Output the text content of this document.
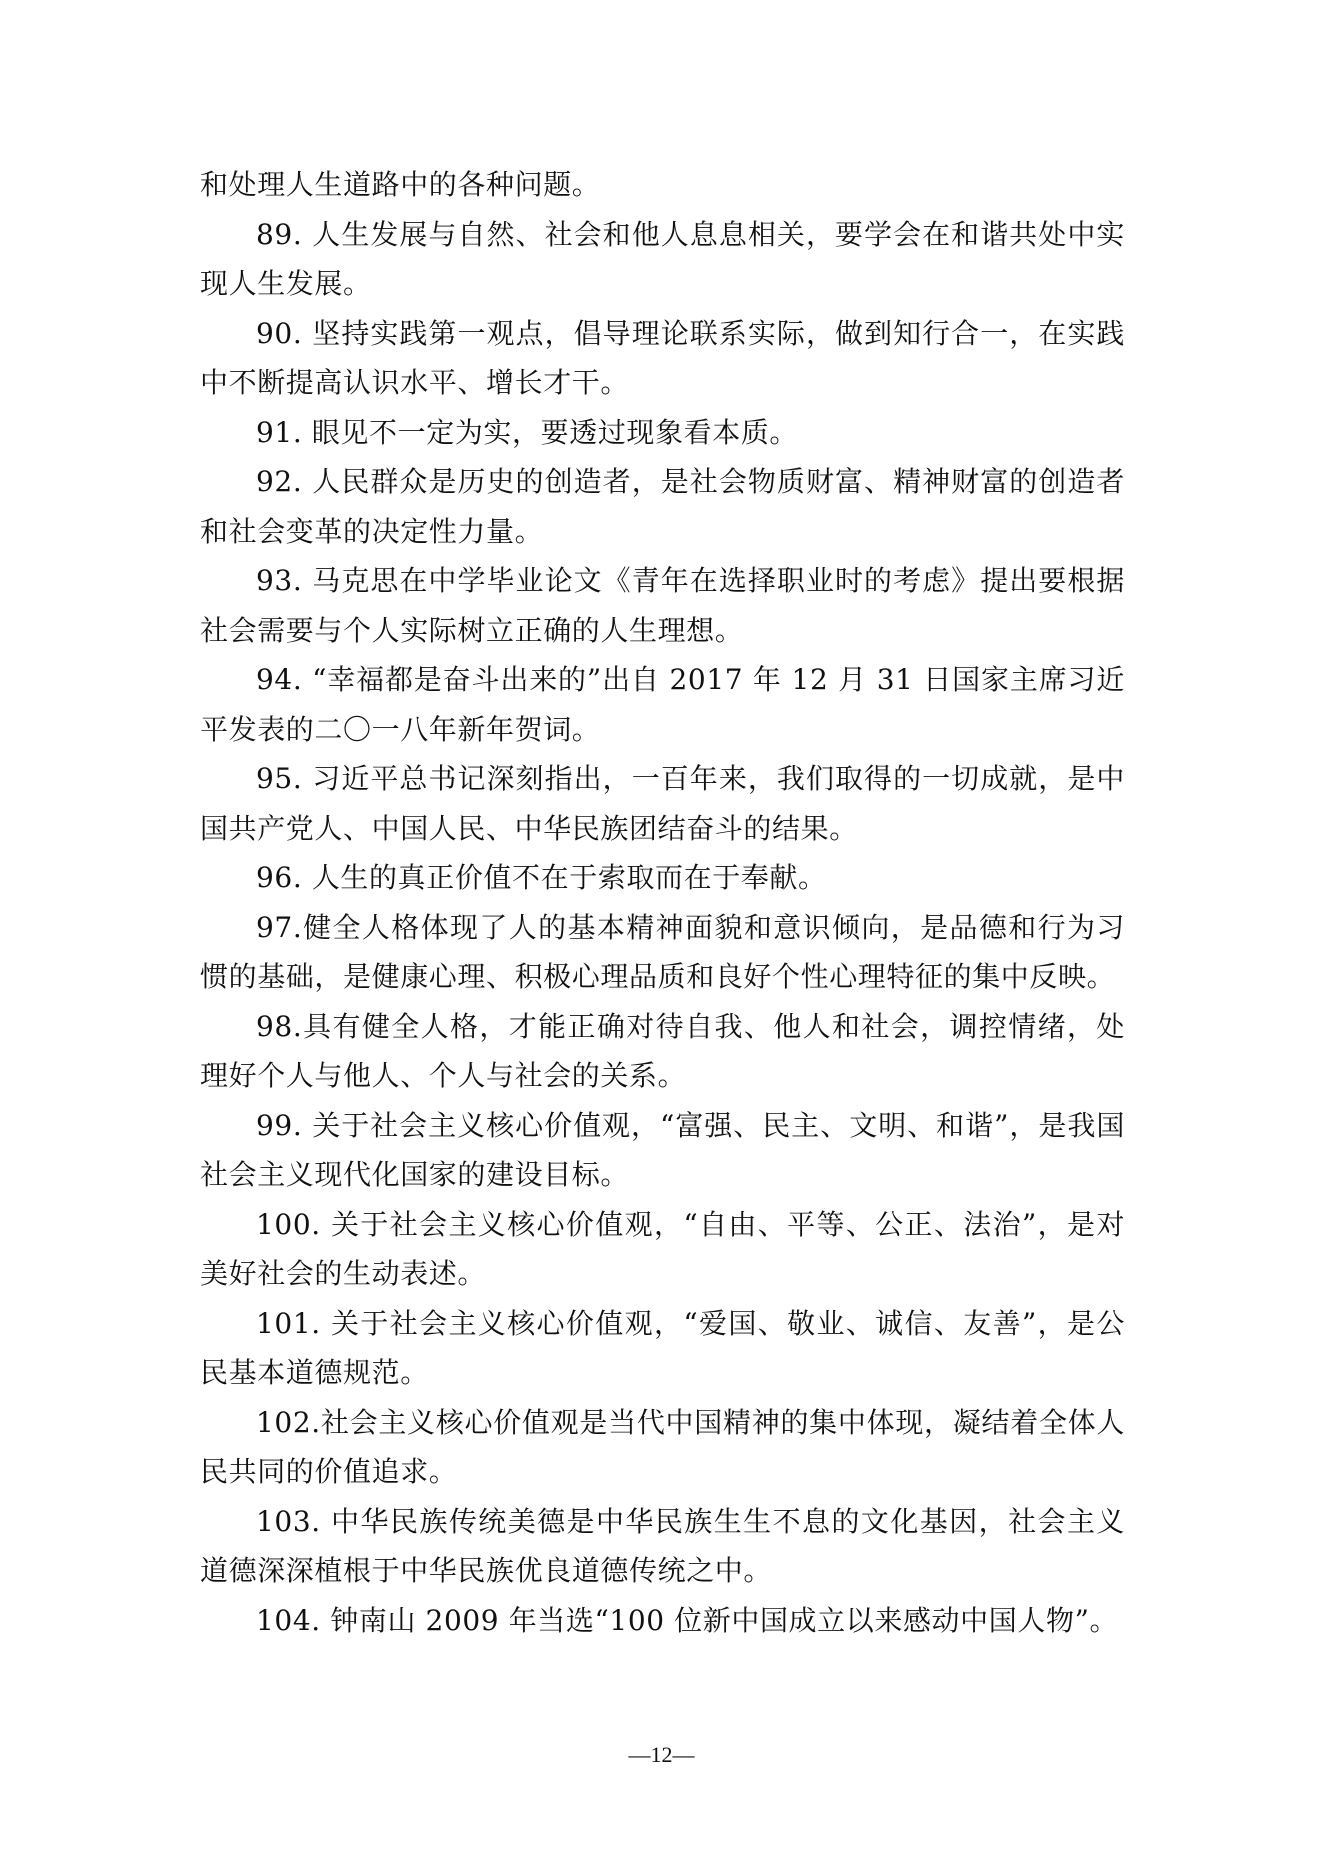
和处理人生道路中的各种问题。

89. 人生发展与自然、社会和他人息息相关，要学会在和谐共处中实现人生发展。

90. 坚持实践第一观点，倡导理论联系实际，做到知行合一，在实践中不断提高认识水平、增长才干。

91. 眼见不一定为实，要透过现象看本质。

92. 人民群众是历史的创造者，是社会物质财富、精神财富的创造者和社会变革的决定性力量。

93. 马克思在中学毕业论文《青年在选择职业时的考虑》提出要根据社会需要与个人实际树立正确的人生理想。

94. “幸福都是奋斗出来的”出自 2017 年 12 月 31 日国家主席习近平发表的二〇一八年新年贺词。

95. 习近平总书记深刻指出，一百年来，我们取得的一切成就，是中国共产党人、中国人民、中华民族团结奋斗的结果。

96. 人生的真正价值不在于索取而在于奉献。

97.健全人格体现了人的基本精神面貌和意识倾向，是品德和行为习惯的基础，是健康心理、积极心理品质和良好个性心理特征的集中反映。

98.具有健全人格，才能正确对待自我、他人和社会，调控情绪，处理好个人与他人、个人与社会的关系。

99. 关于社会主义核心价值观，“富强、民主、文明、和谐”，是我国社会主义现代化国家的建设目标。

100. 关于社会主义核心价值观，“自由、平等、公正、法治”，是对美好社会的生动表述。

101. 关于社会主义核心价值观，“爱国、敬业、诚信、友善”，是公民基本道德规范。

102.社会主义核心价值观是当代中国精神的集中体现，凝结着全体人民共同的价值追求。

103. 中华民族传统美德是中华民族生生不息的文化基因，社会主义道德深深植根于中华民族优良道德传统之中。

104. 钟南山 2009 年当选“100 位新中国成立以来感动中国人物”。

—12—
